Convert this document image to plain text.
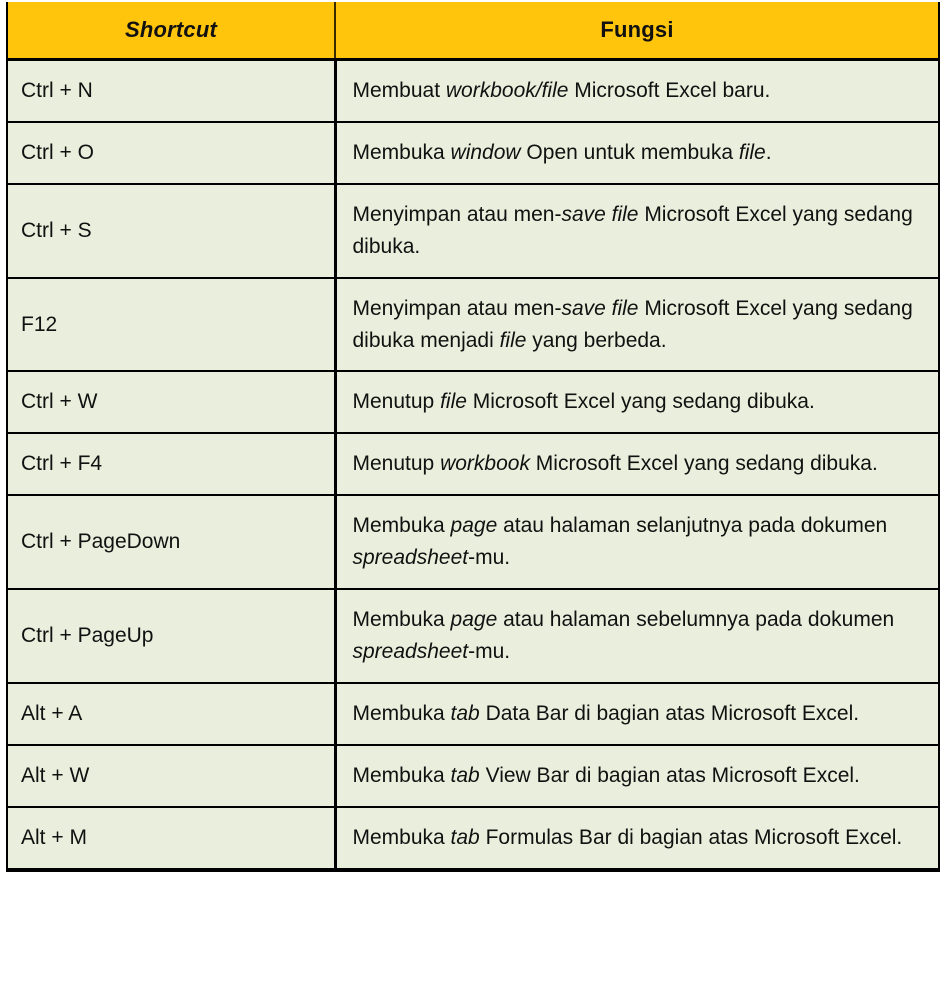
Shortcut	Fungsi
Ctrl + N	Membuat workbook/file Microsoft Excel baru.
Ctrl + O	Membuka window Open untuk membuka file.
Ctrl + S	Menyimpan atau men-save file Microsoft Excel yang sedang dibuka.
F12	Menyimpan atau men-save file Microsoft Excel yang sedang dibuka menjadi file yang berbeda.
Ctrl + W	Menutup file Microsoft Excel yang sedang dibuka.
Ctrl + F4	Menutup workbook Microsoft Excel yang sedang dibuka.
Ctrl + PageDown	Membuka page atau halaman selanjutnya pada dokumen spreadsheet-mu.
Ctrl + PageUp	Membuka page atau halaman sebelumnya pada dokumen spreadsheet-mu.
Alt + A	Membuka tab Data Bar di bagian atas Microsoft Excel.
Alt + W	Membuka tab View Bar di bagian atas Microsoft Excel.
Alt + M	Membuka tab Formulas Bar di bagian atas Microsoft Excel.
